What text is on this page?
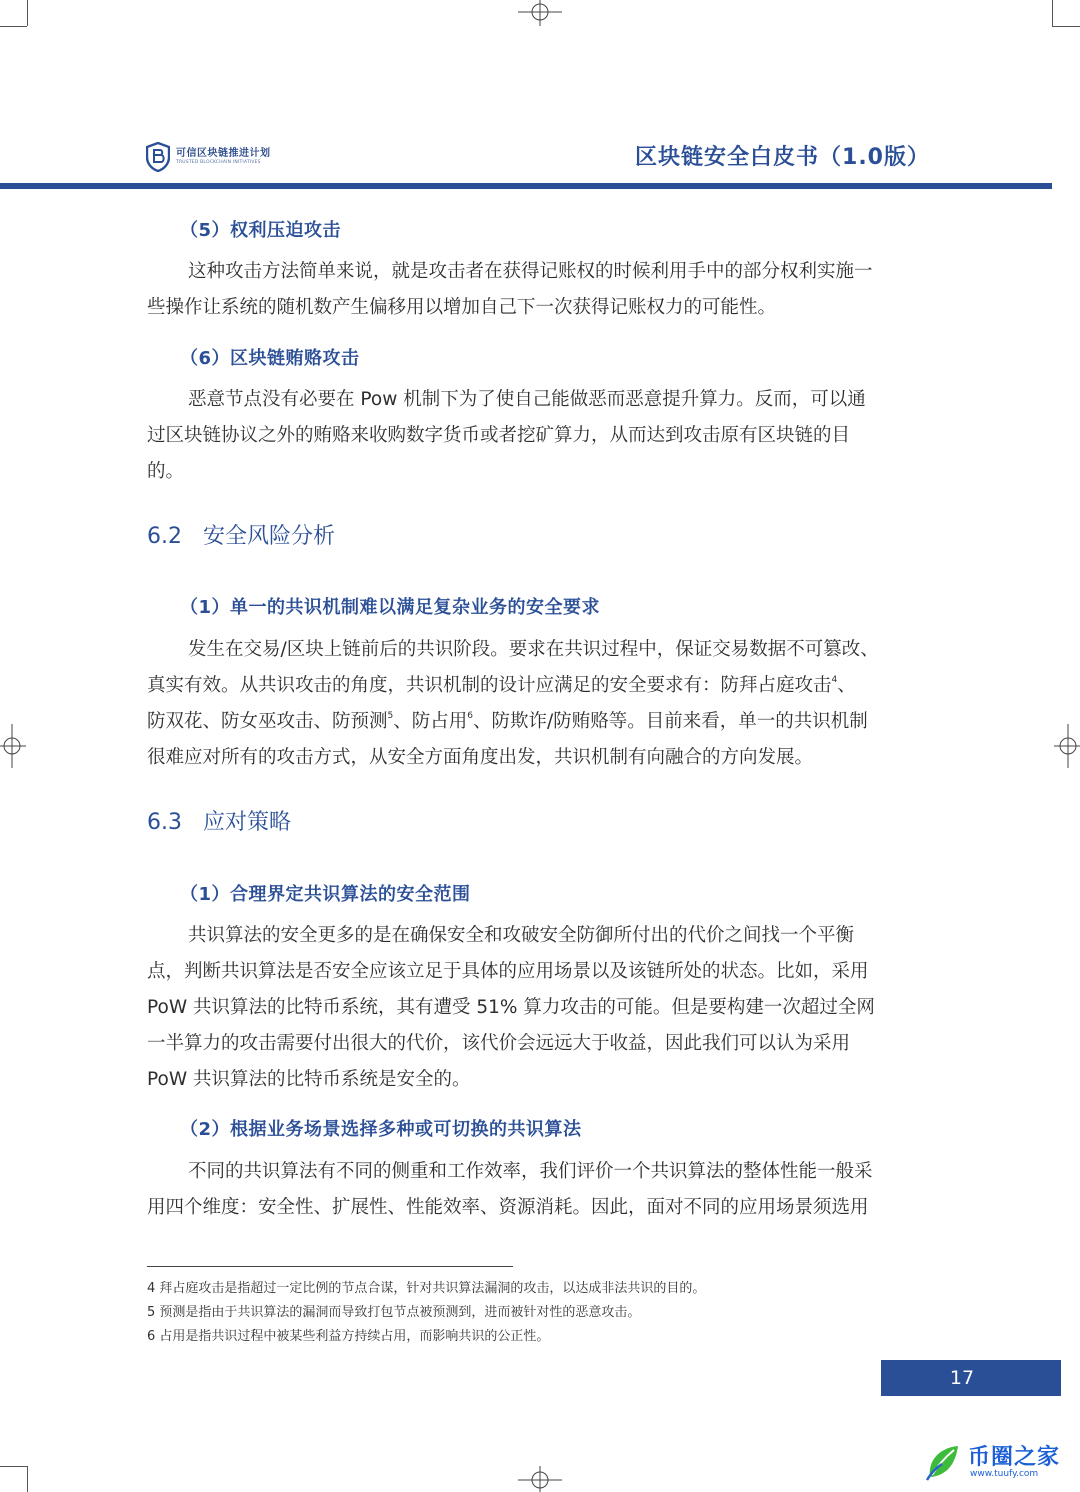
可信区块链推进计划
TRUSTED BLOCKCHAIN INITIATIVES	区块链安全白皮书（1.0版）
（5）权利压迫攻击
这种攻击方法简单来说，就是攻击者在获得记账权的时候利用手中的部分权利实施一
些操作让系统的随机数产生偏移用以增加自己下一次获得记账权力的可能性。
（6）区块链贿赂攻击
恶意节点没有必要在 Pow 机制下为了使自己能做恶而恶意提升算力。反而，可以通
过区块链协议之外的贿赂来收购数字货币或者挖矿算力，从而达到攻击原有区块链的目
的。
6.2 安全风险分析
（1）单一的共识机制难以满足复杂业务的安全要求
发生在交易/区块上链前后的共识阶段。要求在共识过程中，保证交易数据不可篡改、
真实有效。从共识攻击的角度，共识机制的设计应满足的安全要求有：防拜占庭攻击$^4$、
防双花、防女巫攻击、防预测$^5$、防占用$^6$、防欺诈/防贿赂等。目前来看，单一的共识机制
很难应对所有的攻击方式，从安全方面角度出发，共识机制有向融合的方向发展。
6.3 应对策略
（1）合理界定共识算法的安全范围
共识算法的安全更多的是在确保安全和攻破安全防御所付出的代价之间找一个平衡
点，判断共识算法是否安全应该立足于具体的应用场景以及该链所处的状态。比如，采用
PoW 共识算法的比特币系统，其有遭受 51% 算力攻击的可能。但是要构建一次超过全网
一半算力的攻击需要付出很大的代价，该代价会远远大于收益，因此我们可以认为采用
PoW 共识算法的比特币系统是安全的。
（2）根据业务场景选择多种或可切换的共识算法
不同的共识算法有不同的侧重和工作效率，我们评价一个共识算法的整体性能一般采
用四个维度：安全性、扩展性、性能效率、资源消耗。因此，面对不同的应用场景须选用
4 拜占庭攻击是指超过一定比例的节点合谋，针对共识算法漏洞的攻击，以达成非法共识的目的。
5 预测是指由于共识算法的漏洞而导致打包节点被预测到，进而被针对性的恶意攻击。
6 占用是指共识过程中被某些利益方持续占用，而影响共识的公正性。
17
币圈之家
www.tuufy.com
